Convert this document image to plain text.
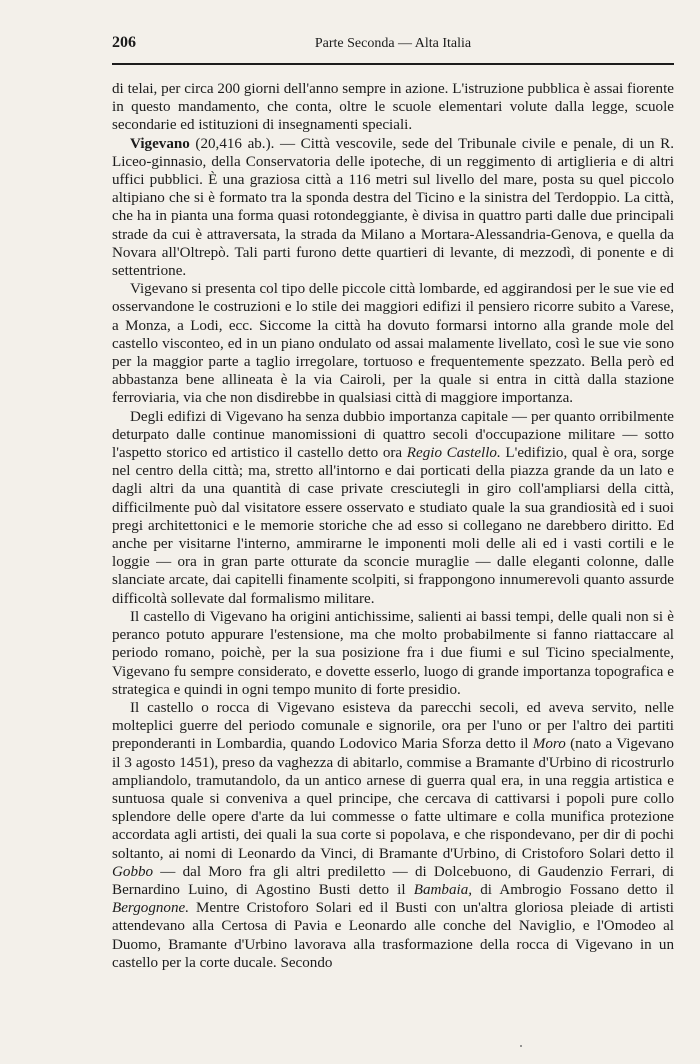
206	Parte Seconda — Alta Italia

di telai, per circa 200 giorni dell'anno sempre in azione. L'istruzione pubblica è assai fiorente in questo mandamento, che conta, oltre le scuole elementari volute dalla legge, scuole secondarie ed istituzioni di insegnamenti speciali.

Vigevano (20,416 ab.). — Città vescovile, sede del Tribunale civile e penale, di un R. Liceo-ginnasio, della Conservatoria delle ipoteche, di un reggimento di artiglieria e di altri uffici pubblici. È una graziosa città a 116 metri sul livello del mare, posta su quel piccolo altipiano che si è formato tra la sponda destra del Ticino e la sinistra del Terdoppio. La città, che ha in pianta una forma quasi rotondeggiante, è divisa in quattro parti dalle due principali strade da cui è attraversata, la strada da Milano a Mortara-Alessandria-Genova, e quella da Novara all'Oltrepò. Tali parti furono dette quartieri di levante, di mezzodì, di ponente e di settentrione.

Vigevano si presenta col tipo delle piccole città lombarde, ed aggirandosi per le sue vie ed osservandone le costruzioni e lo stile dei maggiori edifizi il pensiero ricorre subito a Varese, a Monza, a Lodi, ecc. Siccome la città ha dovuto formarsi intorno alla grande mole del castello visconteo, ed in un piano ondulato od assai malamente livellato, così le sue vie sono per la maggior parte a taglio irregolare, tortuoso e frequentemente spezzato. Bella però ed abbastanza bene allineata è la via Cairoli, per la quale si entra in città dalla stazione ferroviaria, via che non disdirebbe in qualsiasi città di maggiore importanza.

Degli edifizi di Vigevano ha senza dubbio importanza capitale — per quanto orribilmente deturpato dalle continue manomissioni di quattro secoli d'occupazione militare — sotto l'aspetto storico ed artistico il castello detto ora Regio Castello. L'edifizio, qual è ora, sorge nel centro della città; ma, stretto all'intorno e dai porticati della piazza grande da un lato e dagli altri da una quantità di case private cresciutegli in giro coll'ampliarsi della città, difficilmente può dal visitatore essere osservato e studiato quale la sua grandiosità ed i suoi pregi architettonici e le memorie storiche che ad esso si collegano ne darebbero diritto. Ed anche per visitarne l'interno, ammirarne le imponenti moli delle ali ed i vasti cortili e le loggie — ora in gran parte otturate da sconcie muraglie — dalle eleganti colonne, dalle slanciate arcate, dai capitelli finamente scolpiti, si frappongono innumerevoli quanto assurde difficoltà sollevate dal formalismo militare.

Il castello di Vigevano ha origini antichissime, salienti ai bassi tempi, delle quali non si è peranco potuto appurare l'estensione, ma che molto probabilmente si fanno riattaccare al periodo romano, poichè, per la sua posizione fra i due fiumi e sul Ticino specialmente, Vigevano fu sempre considerato, e dovette esserlo, luogo di grande importanza topografica e strategica e quindi in ogni tempo munito di forte presidio.

Il castello o rocca di Vigevano esisteva da parecchi secoli, ed aveva servito, nelle molteplici guerre del periodo comunale e signorile, ora per l'uno or per l'altro dei partiti preponderanti in Lombardia, quando Lodovico Maria Sforza detto il Moro (nato a Vigevano il 3 agosto 1451), preso da vaghezza di abitarlo, commise a Bramante d'Urbino di ricostrurlo ampliandolo, tramutandolo, da un antico arnese di guerra qual era, in una reggia artistica e suntuosa quale si conveniva a quel principe, che cercava di cattivarsi i popoli pure collo splendore delle opere d'arte da lui commesse o fatte ultimare e colla munifica protezione accordata agli artisti, dei quali la sua corte si popolava, e che rispondevano, per dir di pochi soltanto, ai nomi di Leonardo da Vinci, di Bramante d'Urbino, di Cristoforo Solari detto il Gobbo — dal Moro fra gli altri prediletto — di Dolcebuono, di Gaudenzio Ferrari, di Bernardino Luino, di Agostino Busti detto il Bambaia, di Ambrogio Fossano detto il Bergognone. Mentre Cristoforo Solari ed il Busti con un'altra gloriosa pleiade di artisti attendevano alla Certosa di Pavia e Leonardo alle conche del Naviglio, e l'Omodeo al Duomo, Bramante d'Urbino lavorava alla trasformazione della rocca di Vigevano in un castello per la corte ducale. Secondo
